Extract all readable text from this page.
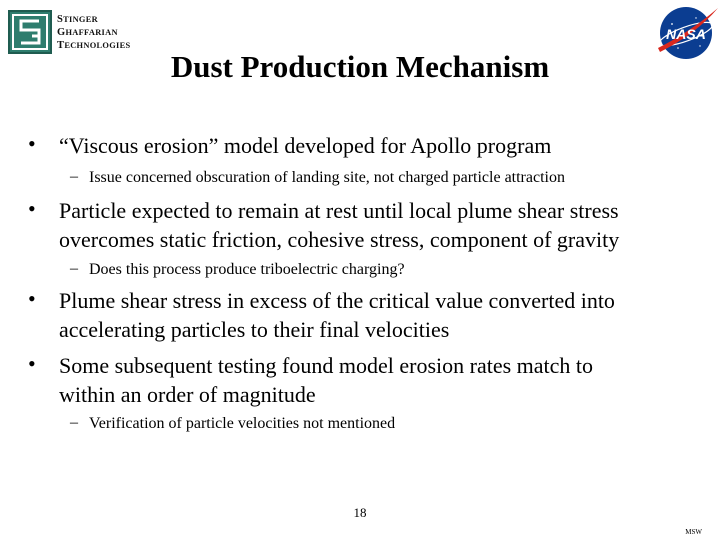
STINGER
GHAFFARIAN
TECHNOLOGIES
NASA
Dust Production Mechanism
• “Viscous erosion” model developed for Apollo program
– Issue concerned obscuration of landing site, not charged particle attraction
• Particle expected to remain at rest until local plume shear stress
overcomes static friction, cohesive stress, component of gravity
– Does this process produce triboelectric charging?
• Plume shear stress in excess of the critical value converted into
accelerating particles to their final velocities
• Some subsequent testing found model erosion rates match to
within an order of magnitude
– Verification of particle velocities not mentioned
18
MSW
